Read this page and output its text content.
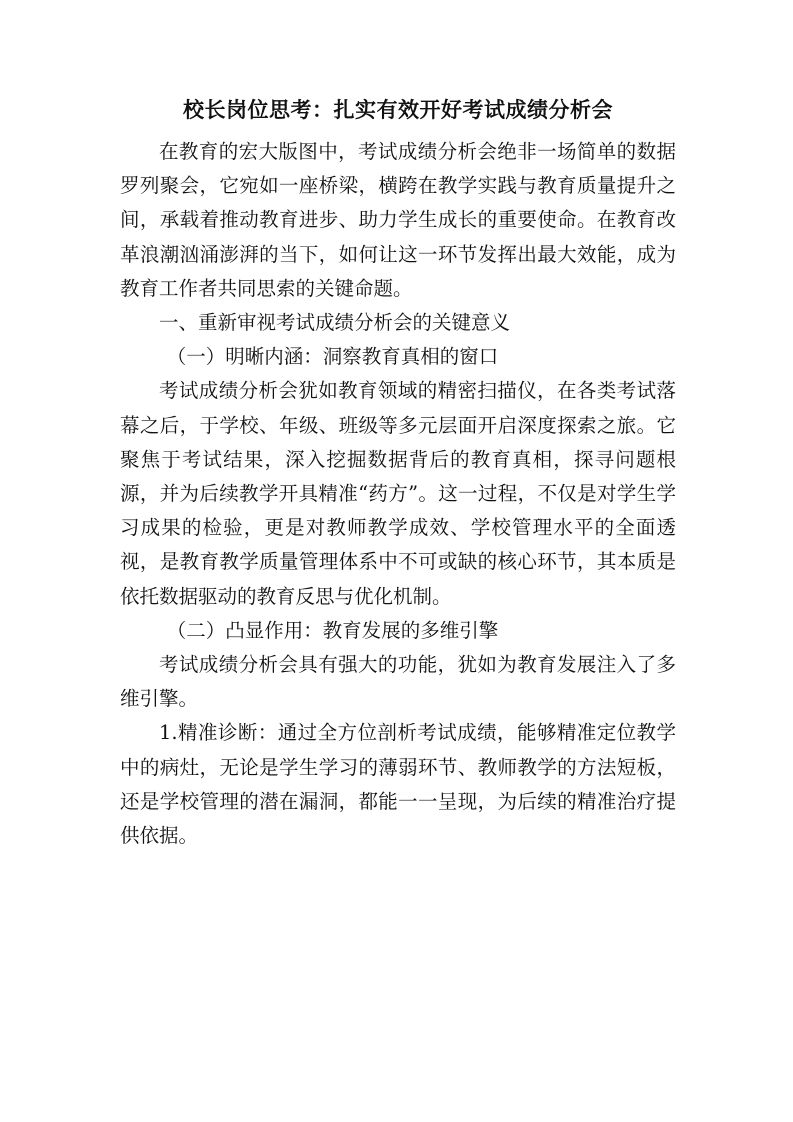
校长岗位思考：扎实有效开好考试成绩分析会

在教育的宏大版图中，考试成绩分析会绝非一场简单的数据罗列聚会，它宛如一座桥梁，横跨在教学实践与教育质量提升之间，承载着推动教育进步、助力学生成长的重要使命。在教育改革浪潮汹涌澎湃的当下，如何让这一环节发挥出最大效能，成为教育工作者共同思索的关键命题。

一、重新审视考试成绩分析会的关键意义

（一）明晰内涵：洞察教育真相的窗口

考试成绩分析会犹如教育领域的精密扫描仪，在各类考试落幕之后，于学校、年级、班级等多元层面开启深度探索之旅。它聚焦于考试结果，深入挖掘数据背后的教育真相，探寻问题根源，并为后续教学开具精准“药方”。这一过程，不仅是对学生学习成果的检验，更是对教师教学成效、学校管理水平的全面透视，是教育教学质量管理体系中不可或缺的核心环节，其本质是依托数据驱动的教育反思与优化机制。

（二）凸显作用：教育发展的多维引擎

考试成绩分析会具有强大的功能，犹如为教育发展注入了多维引擎。

1.精准诊断：通过全方位剖析考试成绩，能够精准定位教学中的病灶，无论是学生学习的薄弱环节、教师教学的方法短板，还是学校管理的潜在漏洞，都能一一呈现，为后续的精准治疗提供依据。
